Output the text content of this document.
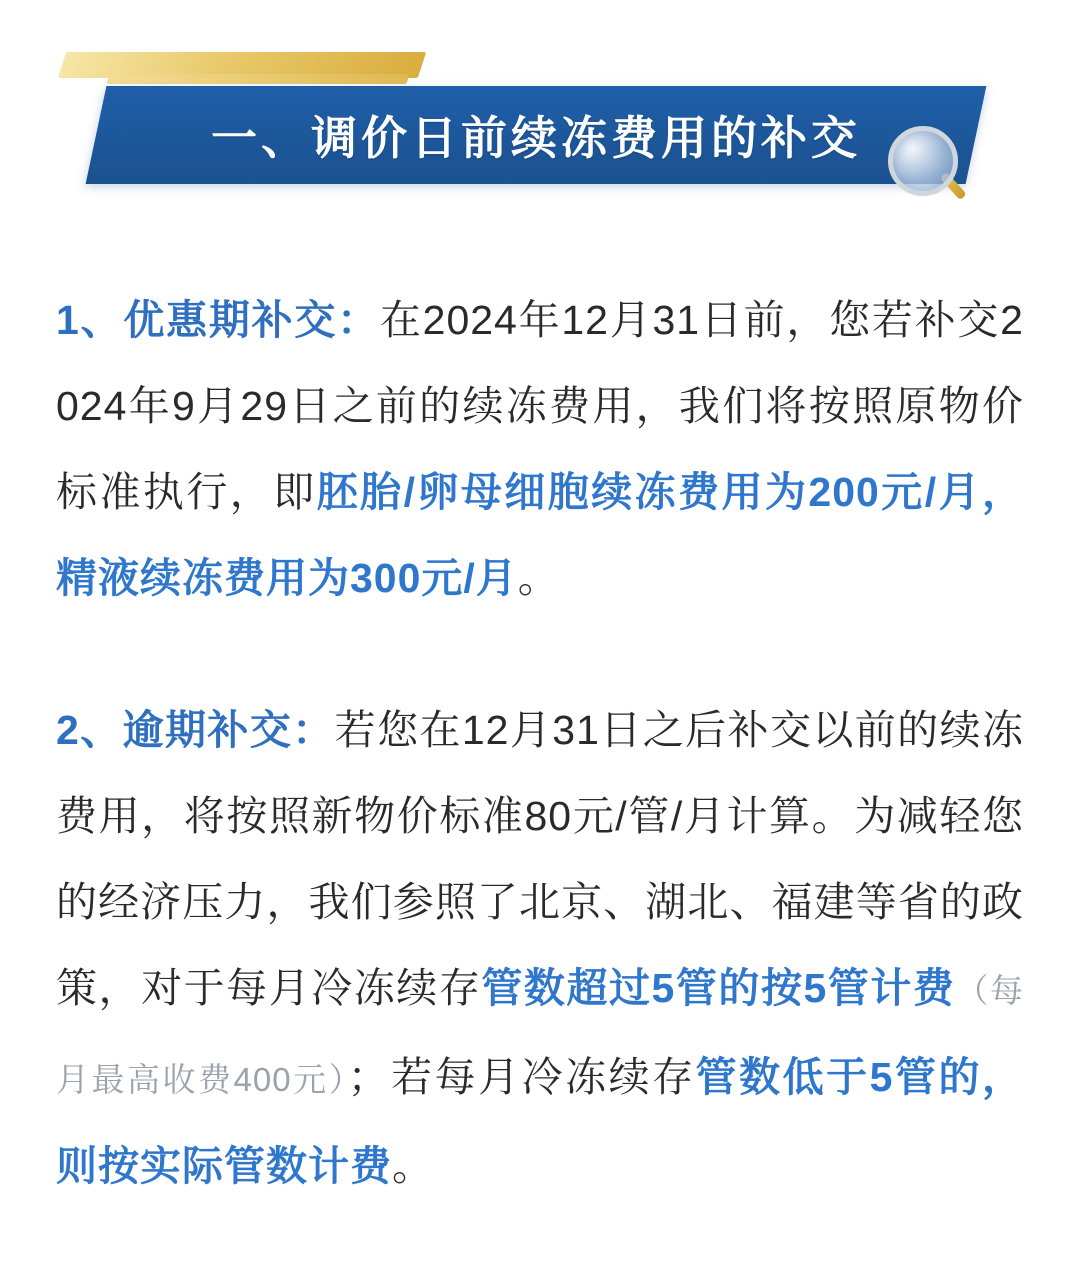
一、调价日前续冻费用的补交

1、优惠期补交：在2024年12月31日前，您若补交2024年9月29日之前的续冻费用，我们将按照原物价标准执行，即胚胎/卵母细胞续冻费用为200元/月，精液续冻费用为300元/月。

2、逾期补交：若您在12月31日之后补交以前的续冻费用，将按照新物价标准80元/管/月计算。为减轻您的经济压力，我们参照了北京、湖北、福建等省的政策，对于每月冷冻续存管数超过5管的按5管计费（每月最高收费400元）；若每月冷冻续存管数低于5管的，则按实际管数计费。
